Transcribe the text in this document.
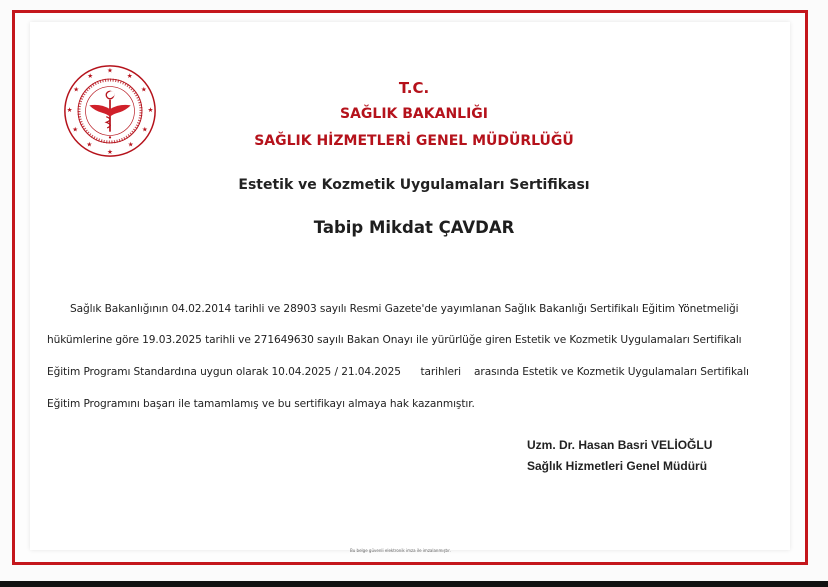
★
★
★
★
★
★
★
★
★
★
★
★
T.C.
SAĞLIK BAKANLIĞI
SAĞLIK HİZMETLERİ GENEL MÜDÜRLÜĞÜ
Estetik ve Kozmetik Uygulamaları Sertifikası
Tabip Mikdat ÇAVDAR
Sağlık Bakanlığının 04.02.2014 tarihli ve 28903 sayılı Resmi Gazete'de yayımlanan Sağlık Bakanlığı Sertifikalı Eğitim Yönetmeliği
hükümlerine göre 19.03.2025 tarihli ve 271649630 sayılı Bakan Onayı ile yürürlüğe giren Estetik ve Kozmetik Uygulamaları Sertifikalı
Eğitim Programı Standardına uygun olarak 10.04.2025 / 21.04.2025      tarihleri    arasında Estetik ve Kozmetik Uygulamaları Sertifikalı
Eğitim Programını başarı ile tamamlamış ve bu sertifikayı almaya hak kazanmıştır.
Uzm. Dr. Hasan Basri VELİOĞLU
Sağlık Hizmetleri Genel Müdürü
Bu belge güvenli elektronik imza ile imzalanmıştır.
